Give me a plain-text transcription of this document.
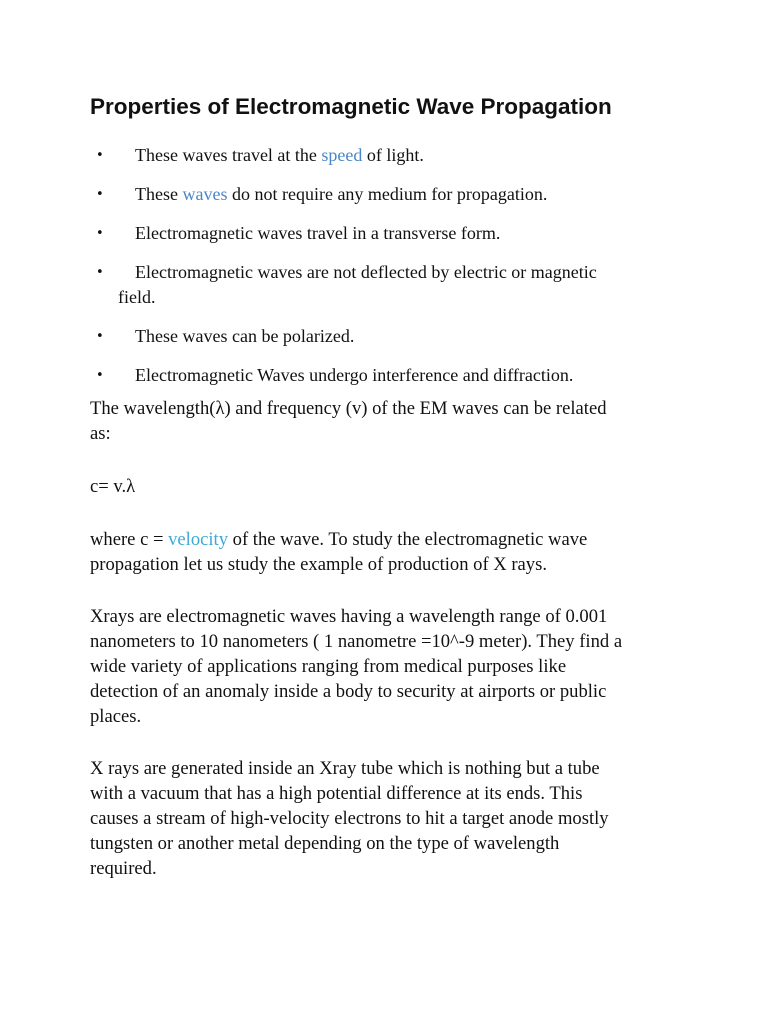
Properties of Electromagnetic Wave Propagation
• These waves travel at the speed of light.
• These waves do not require any medium for propagation.
• Electromagnetic waves travel in a transverse form.
• Electromagnetic waves are not deflected by electric or magnetic
field.
• These waves can be polarized.
• Electromagnetic Waves undergo interference and diffraction.

The wavelength(λ) and frequency (v) of the EM waves can be related
as:

c= v.λ

where c = velocity of the wave. To study the electromagnetic wave
propagation let us study the example of production of X rays.

Xrays are electromagnetic waves having a wavelength range of 0.001
nanometers to 10 nanometers ( 1 nanometre =10^-9 meter). They find a
wide variety of applications ranging from medical purposes like
detection of an anomaly inside a body to security at airports or public
places.

X rays are generated inside an Xray tube which is nothing but a tube
with a vacuum that has a high potential difference at its ends. This
causes a stream of high-velocity electrons to hit a target anode mostly
tungsten or another metal depending on the type of wavelength
required.
